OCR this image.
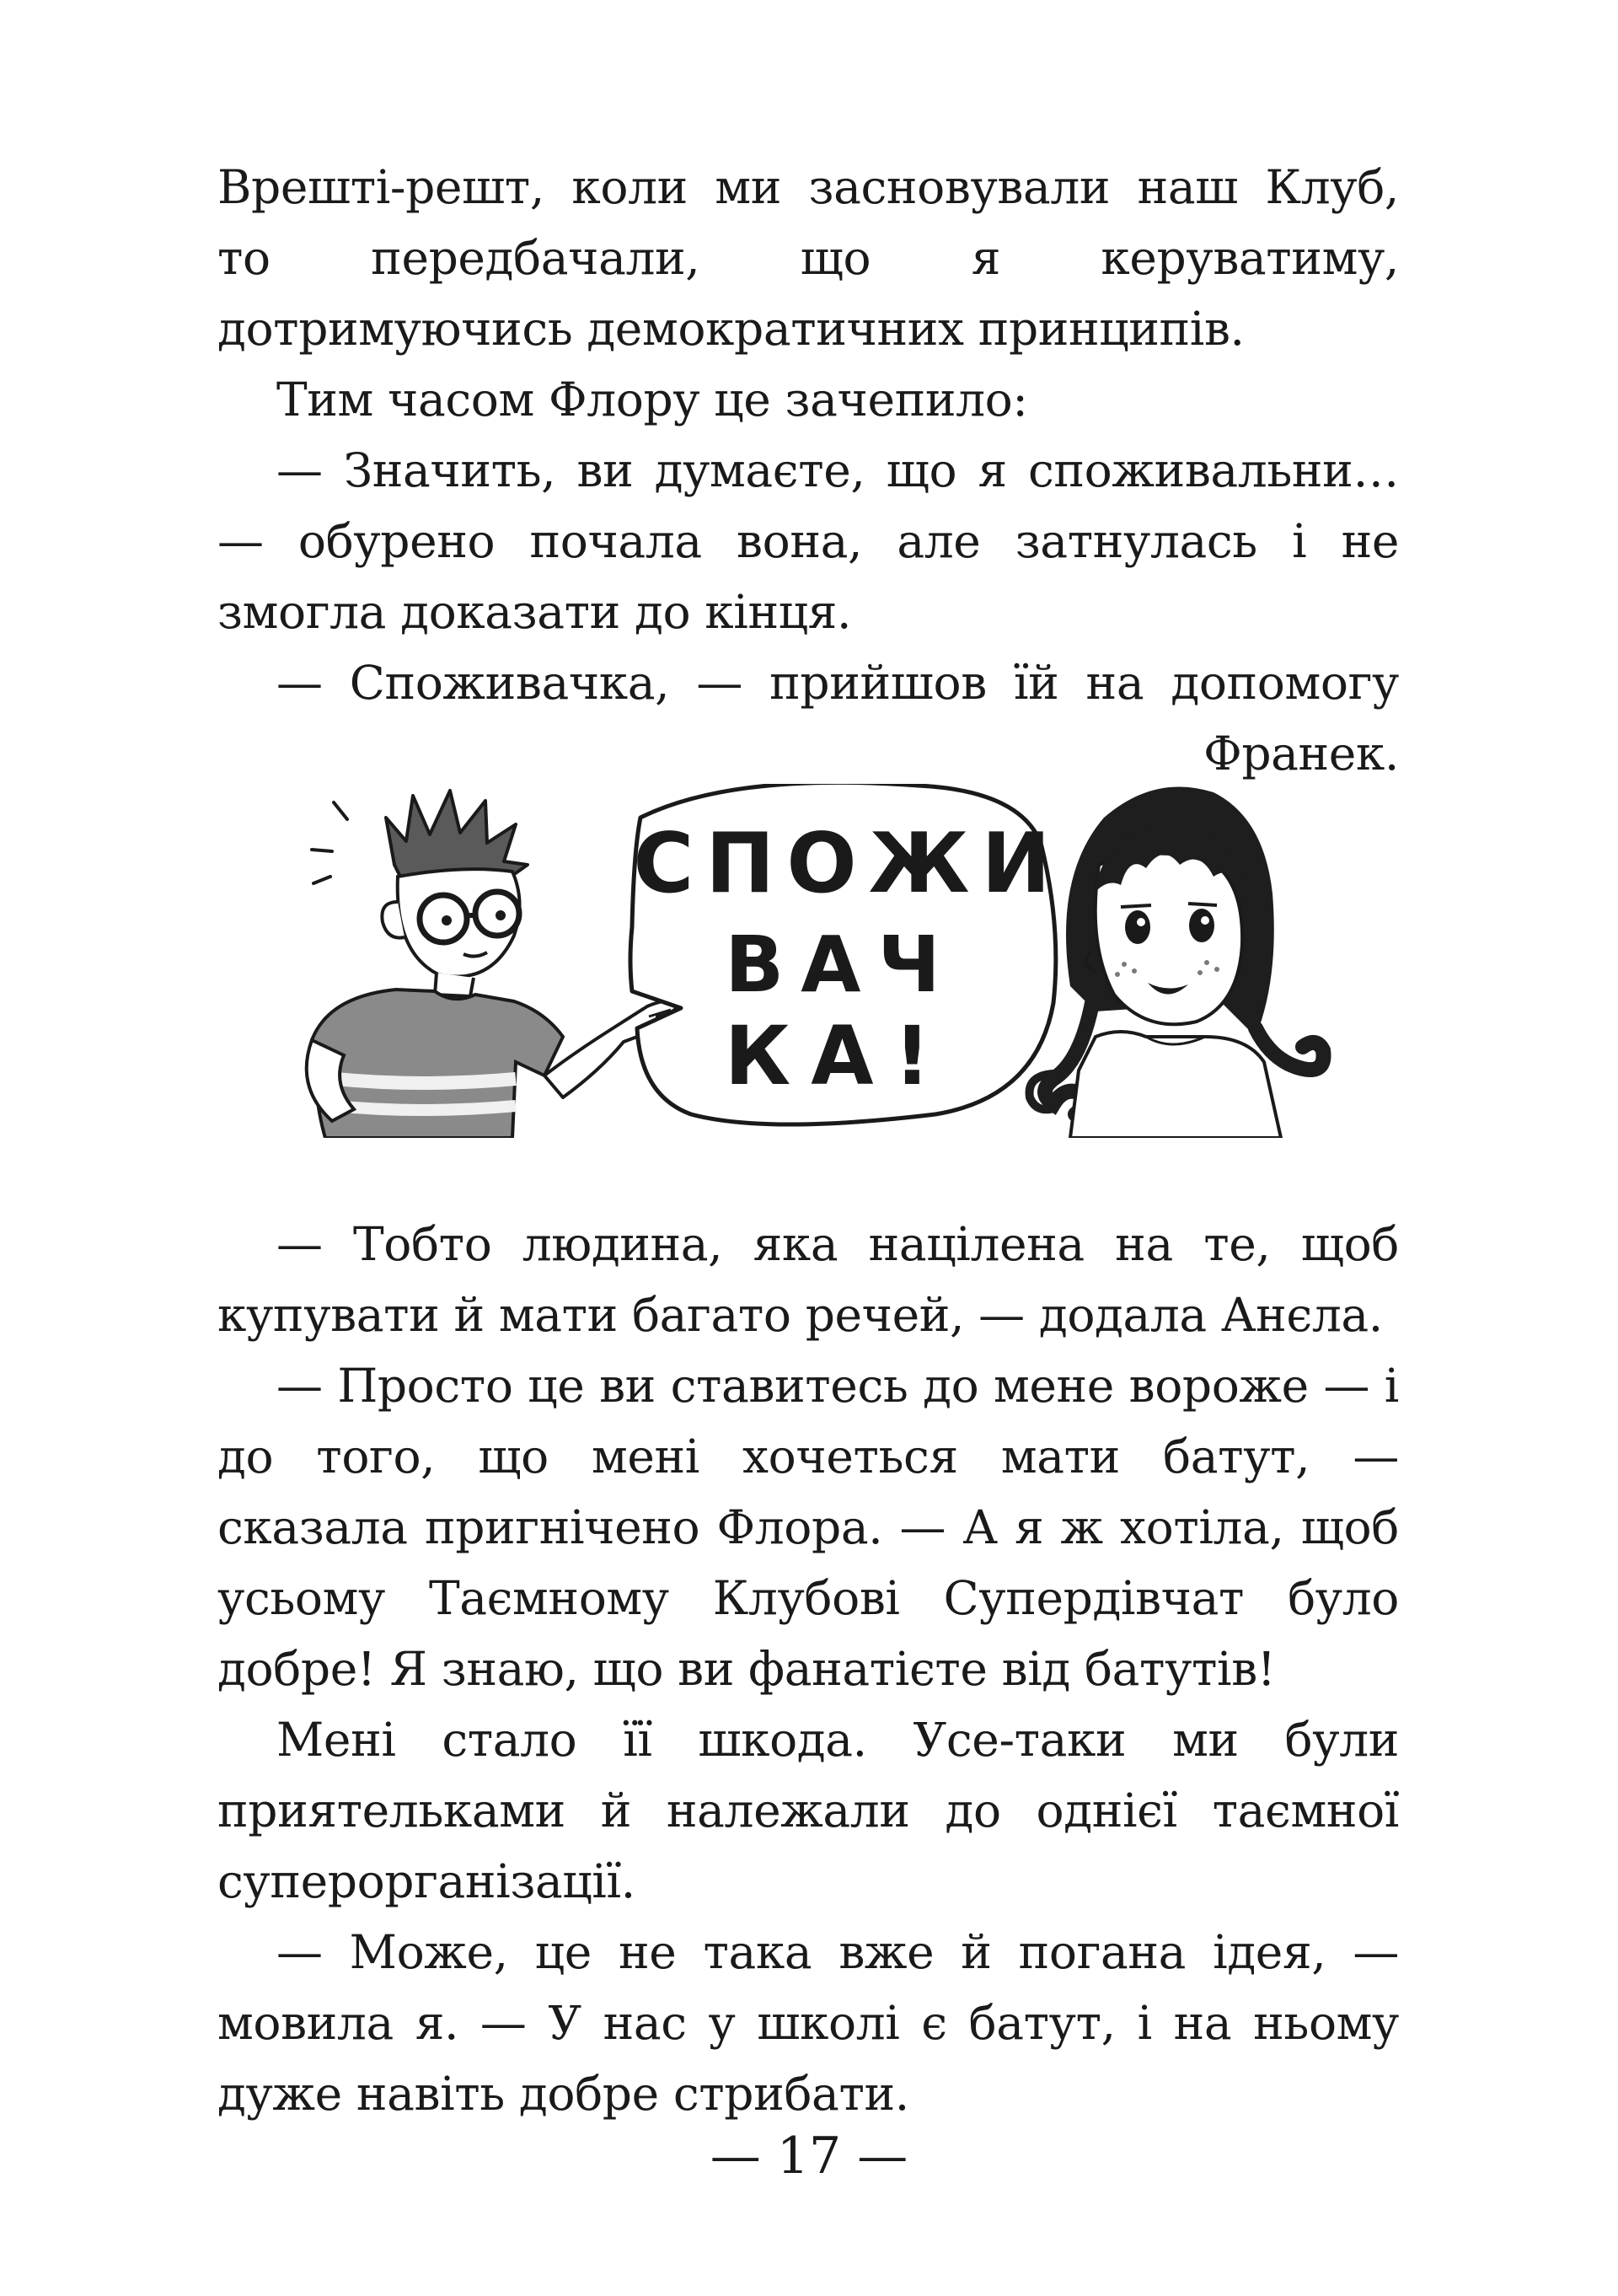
Врешті-решт, коли ми засновували наш Клуб, то передбачали, що я керуватиму, дотримуючись демократичних принципів.

Тим часом Флору це зачепило:

— Значить, ви думаєте, що я споживальни… — обурено почала вона, але затнулась і не змогла доказати до кінця.

— Споживачка, — прийшов їй на допомогу Франек.

СПОЖИ
ВАЧ
КА!

— Тобто людина, яка націлена на те, щоб купувати й мати багато речей, — додала Анєла.

— Просто це ви ставитесь до мене вороже — і до того, що мені хочеться мати батут, — сказала пригнічено Флора. — А я ж хотіла, щоб усьому Таємному Клубові Супердівчат було добре! Я знаю, що ви фанатієте від батутів!

Мені стало її шкода. Усе-таки ми були приятельками й належали до однієї таємної суперорганізації.

— Може, це не така вже й погана ідея, — мовила я. — У нас у школі є батут, і на ньому дуже навіть добре стрибати.

— 17 —
